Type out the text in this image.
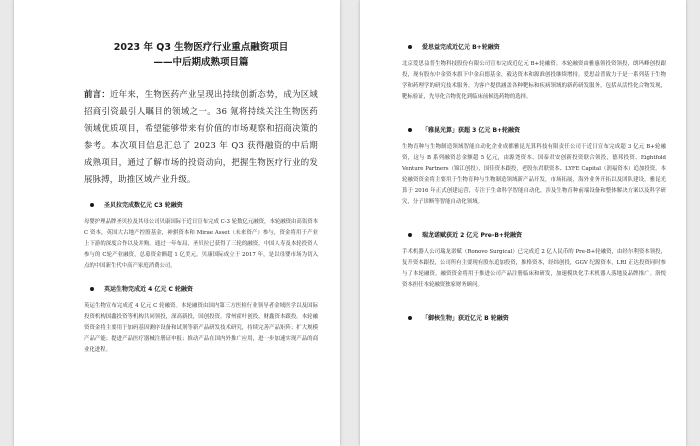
2023 年 Q3 生物医疗行业重点融资项目
——中后期成熟项目篇

前言：近年来，生物医药产业呈现出持续创新态势，成为区域招商引资最引人瞩目的领域之一。36 氪将持续关注生物医药领域优质项目，希望能够带来有价值的市场观察和招商决策的参考。本次项目信息汇总了 2023 年 Q3 获得融资的中后期成熟项目，通过了解市场的投资动向，把握生物医疗行业的发展脉搏，助推区域产业升级。

圣贝拉完成数亿元 C3 轮融资

母婴护理品牌圣贝拉及其母公司贝康国际于近日宣布完成 C-3 轮数亿元融资，本轮融资由高瓴资本 C 资本，英国大古地产控股基金，神骐资本和 Mirae Asset（未来资产）参与，资金将用于产业上下游的深度合作以及并购。通过一年布局，圣贝拉已获得了三轮的融资，中国人寿及本轮投资人参与的 C轮产业融资，总募资金额超 1 亿美元。贝康国际成立于 2017 年，是以母婴市场为切入点的中国新生代中高产家庭消费公司。

英运生物完成近 4 亿元 C 轮融资

英运生物宣布完成近 4 亿元 C 轮融资。本轮融资由国内第三方医检行业领导者金域医学以及国际投资机构国鑫投资等机构共同领投，深高新投，国创投资，常州霍叶创投，财鑫资本跟投。本轮融资资金将主要用于加码基因测序设备和试剂等新产品研发技术研究，持续完善产品矩阵；扩大规模产品产能；提进产品医疗器械注册证申报；推动产品在国内外推广应用，进一步加速实现产品的商业化进程。

爱思益完成近亿元 B+轮融资

北京爱思益普生物科技股份有限公司宣布完成近亿元 B+轮融资。本轮融资由雅惠领投资领投，朗玛峰创投跟投，现有股东中金资本旗下中金启德基金，毅达资本和源准创投继续增持。爱思益普致力于是一系列基于生物学和药理学的研究技术服务，为客户提供涵盖各种靶标和疾病领域的新药研发服务，包括从活性化合物发现，靶标验证，先导化合物优化到临床前候选药物的选择。

「雅昆光算」获超 3 亿元 B+轮融资

生物育种与生物制造领域智能自动化企业成都雅昆光算科技有限责任公司于近日宣布完成超 3 亿元 B+轮融资，这与 B 系列融资总金额超 5 亿元，由源尧资本、国泰君安创新投资联合领投，德邦投资、Eightfold Venture Partners（锦江创投），国佳资本跟投，老股东君联资本、LYFE Capital（润福资本）追加投资。本轮融资资金将主要用于生物育种与生物制造领域新产品开发，市场拓展，海外业务开拓以及团队建设。雅昆光算于 2016 年正式创建运营，专注于生命科学智能自动化，涉及生物育种前端设备和整体解决方案以及科学研究，分子诊断等智能自动化领域。

瑞龙诺赋获近 2 亿元 Pre-B+轮融资

手术机器人公司瑞龙诺赋（Ronovo Surgical）已完成近 2 亿人民币的 Pre-B+轮融资，由经尔利资本领投，复升资本跟投，公司所有主要现有股东追加投资，推格资本，经纬创投，GGV 纪源资本，LRI 正达投资同时参与了本轮融资。融资资金将用于推进公司产品注册临床和研发，加速模块化手术机器人落地及品牌推广。洛悦资本担任本轮融资独家财务顾问。

「御核生物」获近亿元 B 轮融资
